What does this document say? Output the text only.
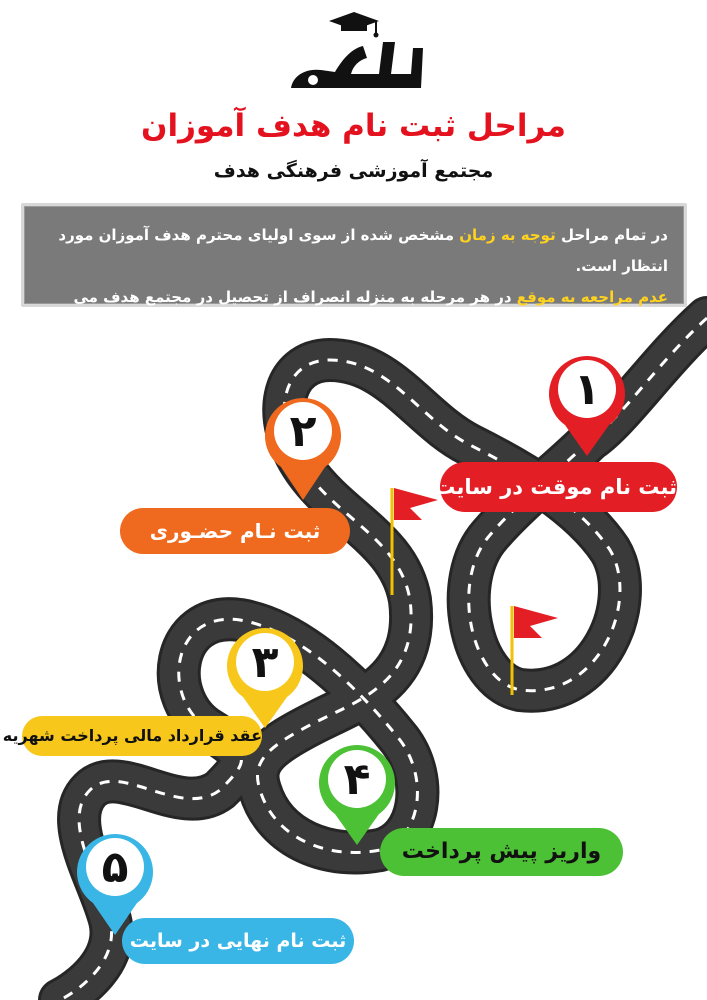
مراحل ثبت نام هدف آموزان
مجتمع آموزشی فرهنگی هدف
در تمام مراحل توجه به زمان مشخص شده از سوی اولیای محترم هدف آموزان مورد انتظار است.
عدم مراجعه به موقع در هر مرحله به منزله انصراف از تحصیل در مجتمع هدف می باشد.
۱
۲
۳
۴
۵
ثبت نام موقت در سایت
ثبت نـام حضـوری
عقد قرارداد مالی پرداخت شهریه
واریز پیش پرداخت
ثبت نام نهایی در سایت
